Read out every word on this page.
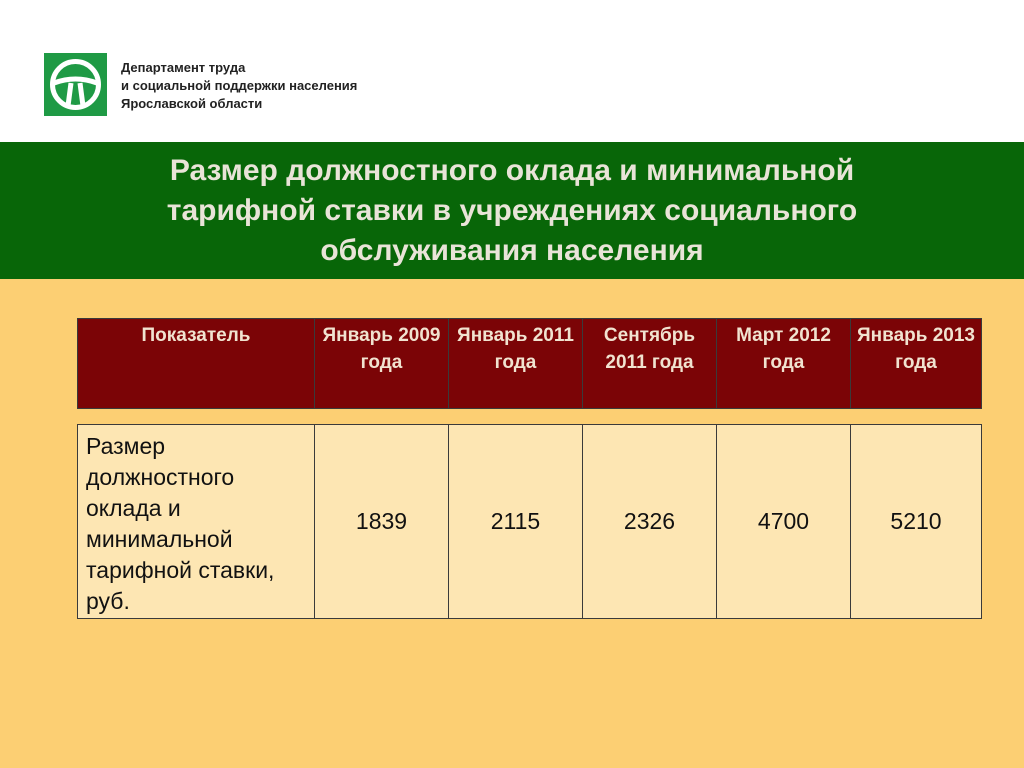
Департамент труда
и социальной поддержки населения
Ярославской области
Размер должностного оклада и минимальной
тарифной ставки в учреждениях социального
обслуживания населения
Показатель	Январь 2009 года	Январь 2011 года	Сентябрь 2011 года	Март 2012 года	Январь 2013 года
Размер должностного оклада и минимальной тарифной ставки, руб.	1839	2115	2326	4700	5210
